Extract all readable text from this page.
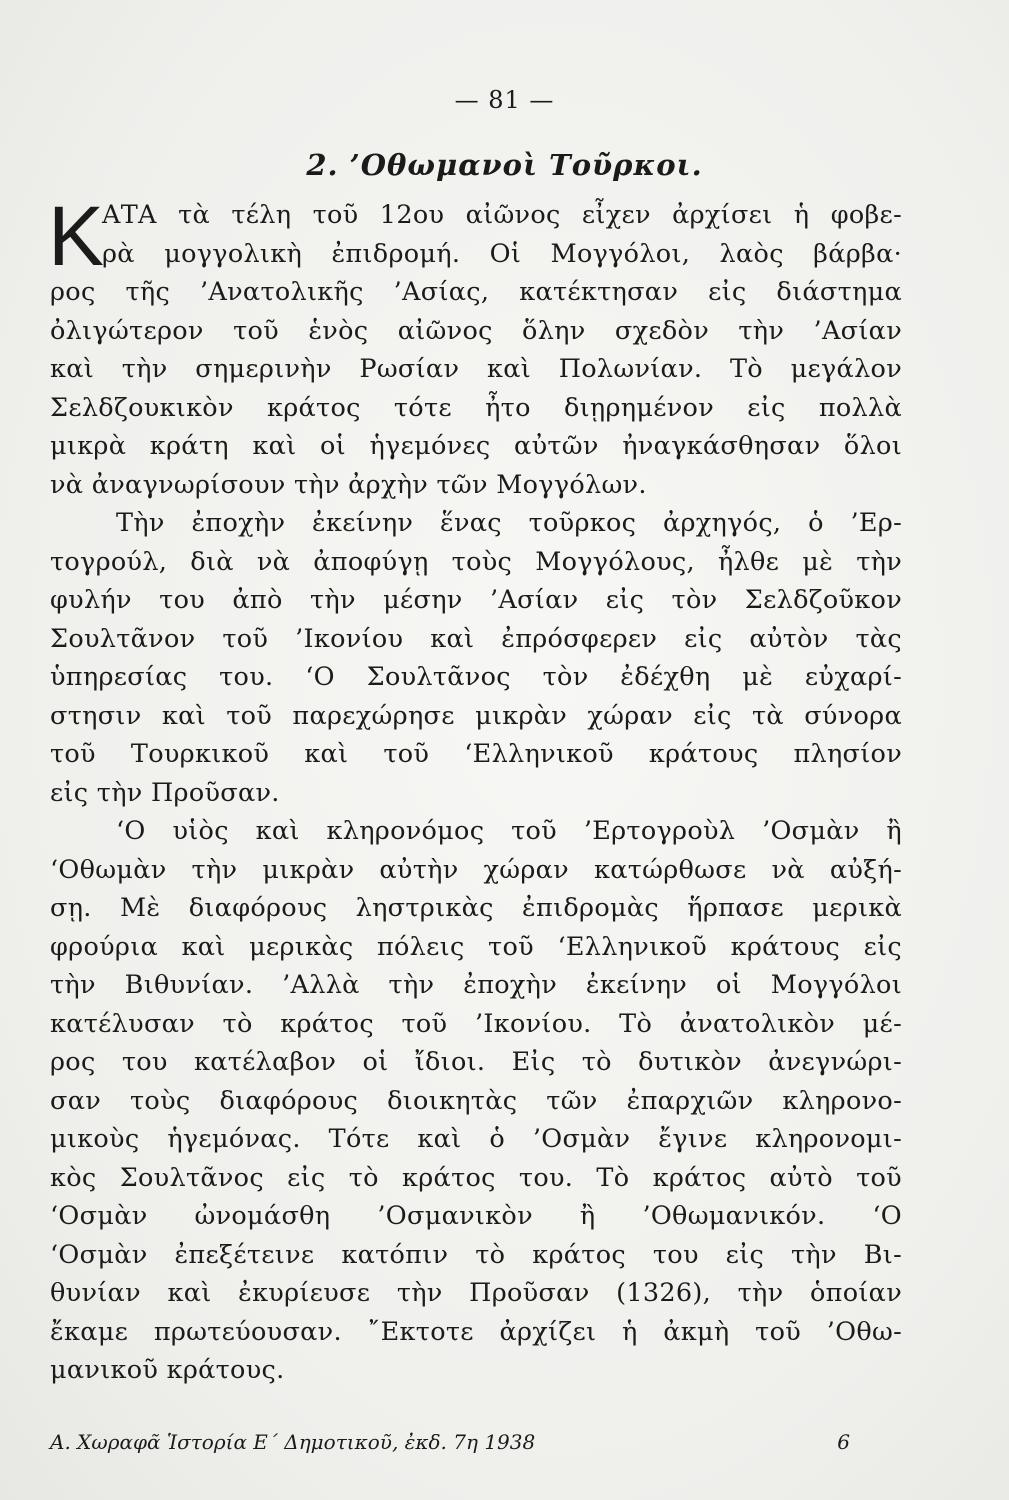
— 81 —
2. ’Οθωμανοὶ Τοῦρκοι.
Κ
ΑΤΑ τὰ τέλη τοῦ 12ου αἰῶνος εἶχεν ἀρχίσει ἡ φοβε-
ρὰ μογγολικὴ ἐπιδρομή. Οἱ Μογγόλοι, λαὸς βάρβα·
ρος τῆς ’Ανατολικῆς ’Ασίας, κατέκτησαν εἰς διάστημα
ὀλιγώτερον τοῦ ἑνὸς αἰῶνος ὅλην σχεδὸν τὴν ’Ασίαν
καὶ τὴν σημερινὴν Ρωσίαν καὶ Πολωνίαν. Τὸ μεγάλον
Σελδζουκικὸν κράτος τότε ἦτο διῃρημένον εἰς πολλὰ
μικρὰ κράτη καὶ οἱ ἡγεμόνες αὐτῶν ἠναγκάσθησαν ὅλοι
νὰ ἀναγνωρίσουν τὴν ἀρχὴν τῶν Μογγόλων.
Τὴν ἐποχὴν ἐκείνην ἕνας τοῦρκος ἀρχηγός, ὁ ’Ερ-
τογρούλ, διὰ νὰ ἀποφύγῃ τοὺς Μογγόλους, ἦλθε μὲ τὴν
φυλήν του ἀπὸ τὴν μέσην ’Ασίαν εἰς τὸν Σελδζοῦκον
Σουλτᾶνον τοῦ ’Ικονίου καὶ ἐπρόσφερεν εἰς αὐτὸν τὰς
ὑπηρεσίας του. ‘Ο Σουλτᾶνος τὸν ἐδέχθη μὲ εὐχαρί-
στησιν καὶ τοῦ παρεχώρησε μικρὰν χώραν εἰς τὰ σύνορα
τοῦ Τουρκικοῦ καὶ τοῦ ‘Ελληνικοῦ κράτους πλησίον
εἰς τὴν Προῦσαν.
‘Ο υἱὸς καὶ κληρονόμος τοῦ ’Ερτογροὺλ ’Οσμὰν ἢ
‘Οθωμὰν τὴν μικρὰν αὐτὴν χώραν κατώρθωσε νὰ αὐξή-
σῃ. Μὲ διαφόρους ληστρικὰς ἐπιδρομὰς ἥρπασε μερικὰ
φρούρια καὶ μερικὰς πόλεις τοῦ ‘Ελληνικοῦ κράτους εἰς
τὴν Βιθυνίαν. ’Αλλὰ τὴν ἐποχὴν ἐκείνην οἱ Μογγόλοι
κατέλυσαν τὸ κράτος τοῦ ’Ικονίου. Τὸ ἀνατολικὸν μέ-
ρος του κατέλαβον οἱ ἴδιοι. Εἰς τὸ δυτικὸν ἀνεγνώρι-
σαν τοὺς διαφόρους διοικητὰς τῶν ἐπαρχιῶν κληρονο-
μικοὺς ἡγεμόνας. Τότε καὶ ὁ ’Οσμὰν ἔγινε κληρονομι-
κὸς Σουλτᾶνος εἰς τὸ κράτος του. Τὸ κράτος αὐτὸ τοῦ
‘Οσμὰν ὠνομάσθη ’Οσμανικὸν ἢ ’Οθωμανικόν. ‘Ο
‘Οσμὰν ἐπεξέτεινε κατόπιν τὸ κράτος του εἰς τὴν Βι-
θυνίαν καὶ ἐκυρίευσε τὴν Προῦσαν (1326), τὴν ὁποίαν
ἔκαμε πρωτεύουσαν. ῎Εκτοτε ἀρχίζει ἡ ἀκμὴ τοῦ ’Οθω-
μανικοῦ κράτους.
Α. Χωραφᾶ Ἱστορία Ε΄ Δημοτικοῦ, ἐκδ. 7η 1938	6
